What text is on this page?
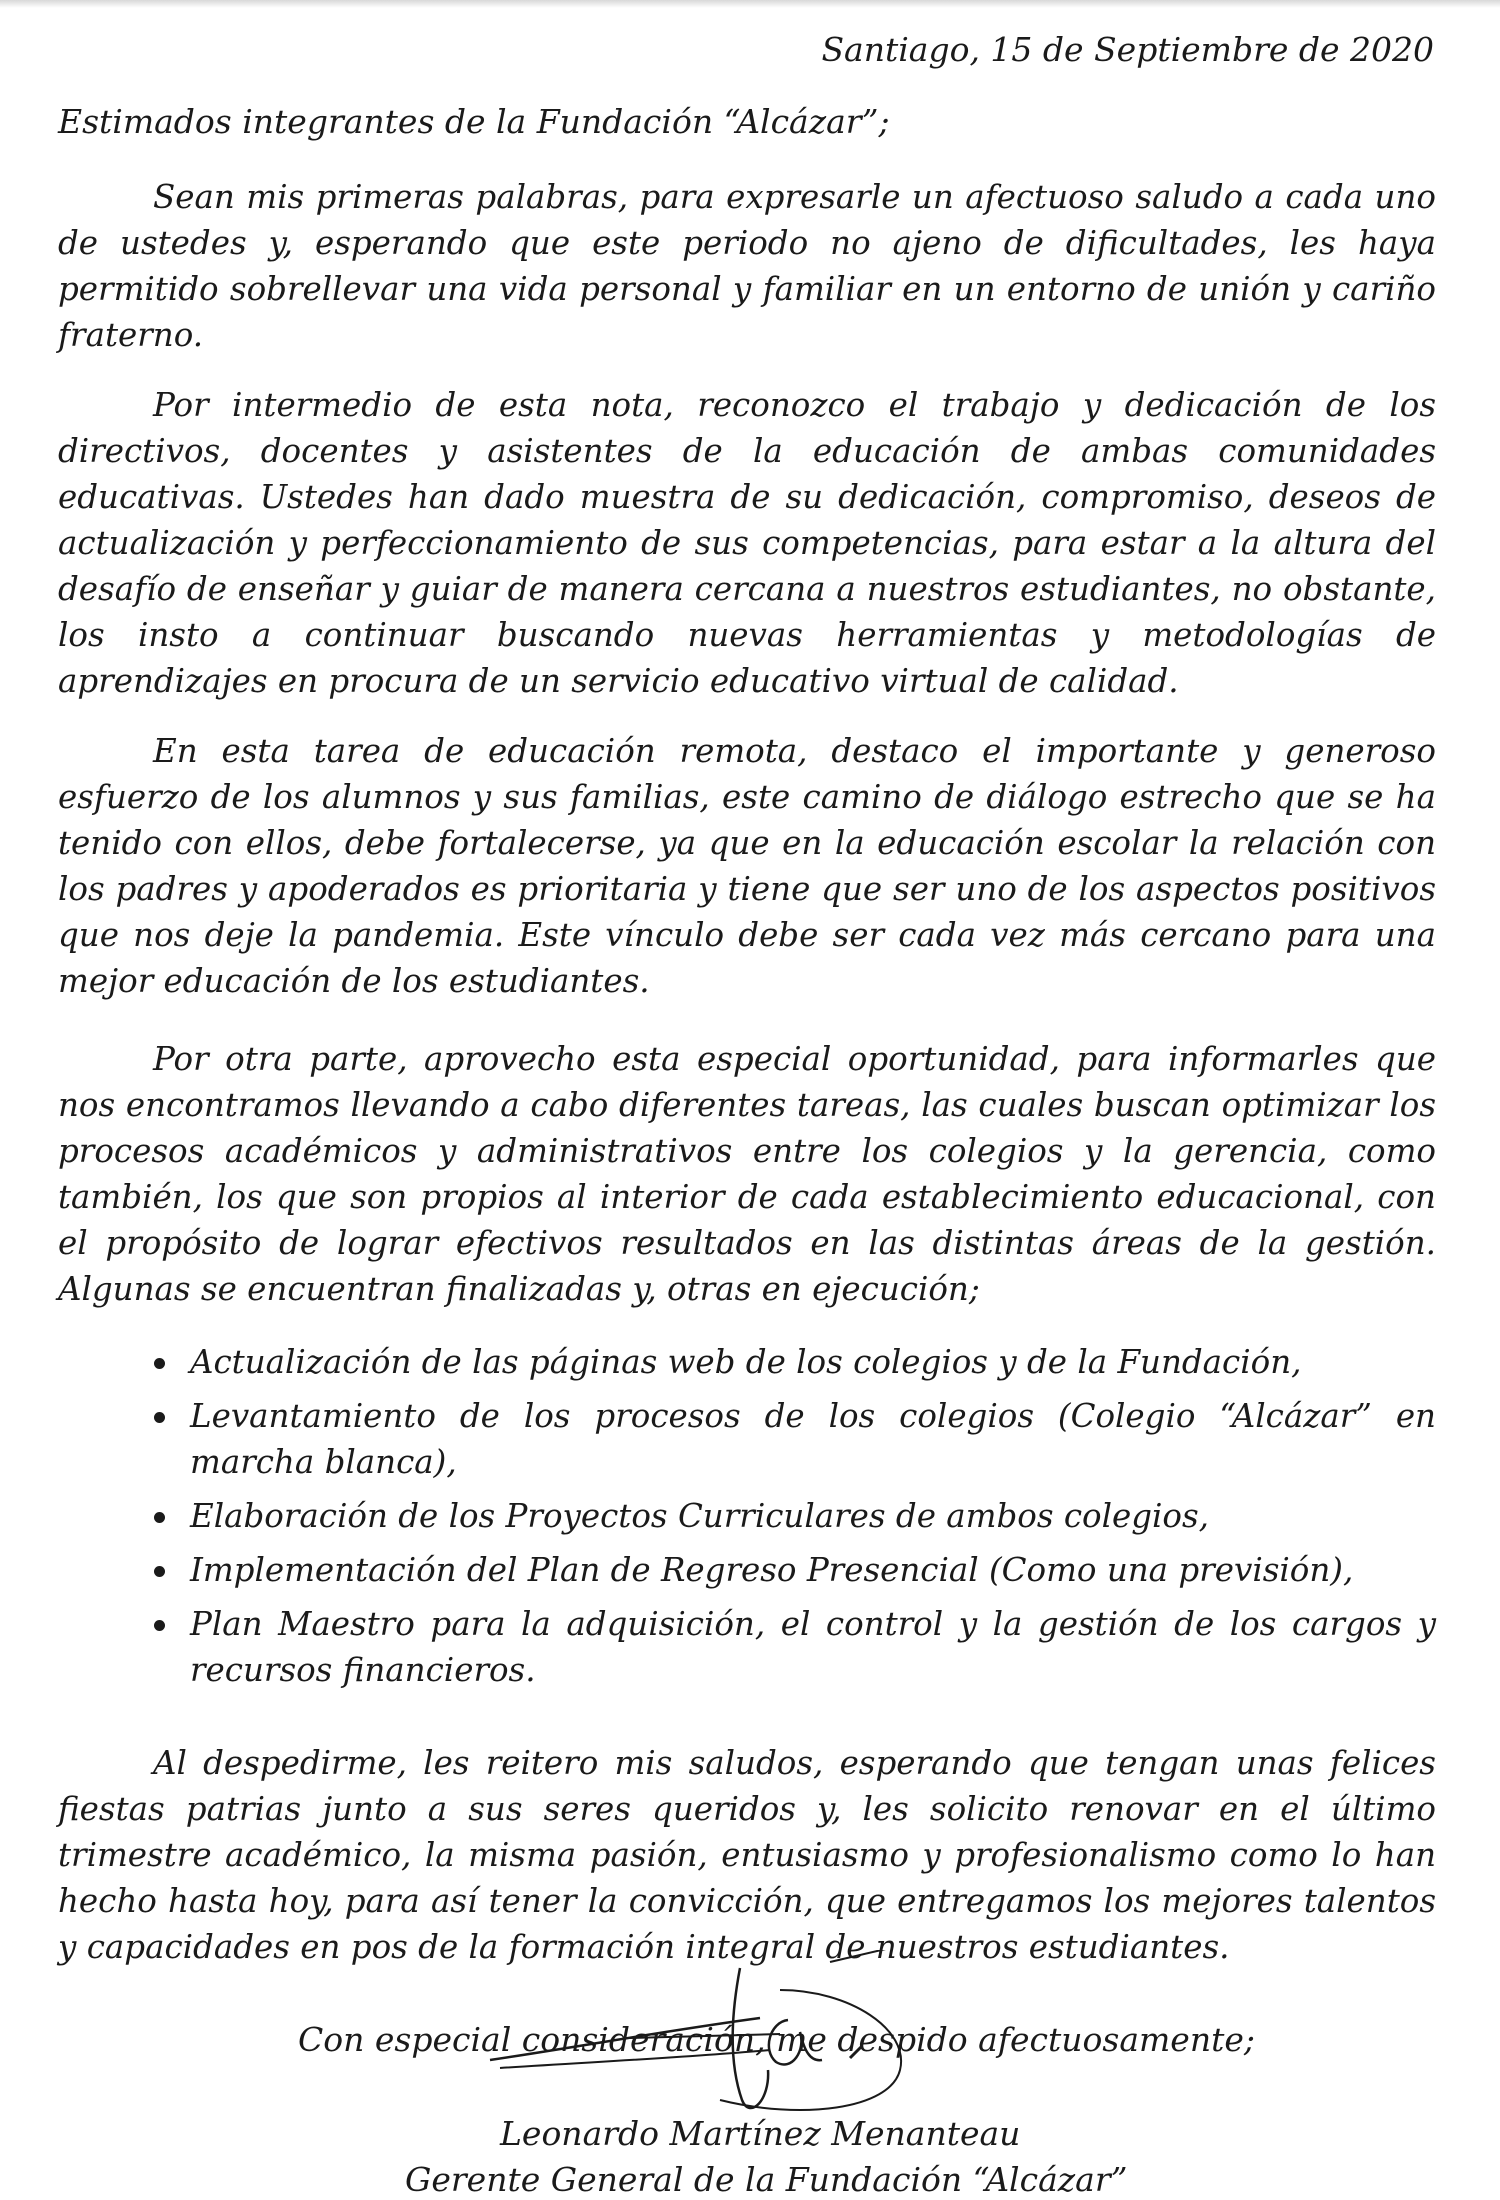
Santiago, 15 de Septiembre de 2020
Estimados integrantes de la Fundación “Alcázar”;

Sean mis primeras palabras, para expresarle un afectuoso saludo a cada uno de ustedes y, esperando que este periodo no ajeno de dificultades, les haya permitido sobrellevar una vida personal y familiar en un entorno de unión y cariño fraterno.

Por intermedio de esta nota, reconozco el trabajo y dedicación de los directivos, docentes y asistentes de la educación de ambas comunidades educativas. Ustedes han dado muestra de su dedicación, compromiso, deseos de actualización y perfeccionamiento de sus competencias, para estar a la altura del desafío de enseñar y guiar de manera cercana a nuestros estudiantes, no obstante, los insto a continuar buscando nuevas herramientas y metodologías de aprendizajes en procura de un servicio educativo virtual de calidad.

En esta tarea de educación remota, destaco el importante y generoso esfuerzo de los alumnos y sus familias, este camino de diálogo estrecho que se ha tenido con ellos, debe fortalecerse, ya que en la educación escolar la relación con los padres y apoderados es prioritaria y tiene que ser uno de los aspectos positivos que nos deje la pandemia. Este vínculo debe ser cada vez más cercano para una mejor educación de los estudiantes.

Por otra parte, aprovecho esta especial oportunidad, para informarles que nos encontramos llevando a cabo diferentes tareas, las cuales buscan optimizar los procesos académicos y administrativos entre los colegios y la gerencia, como también, los que son propios al interior de cada establecimiento educacional, con el propósito de lograr efectivos resultados en las distintas áreas de la gestión. Algunas se encuentran finalizadas y, otras en ejecución;

Actualización de las páginas web de los colegios y de la Fundación,
Levantamiento de los procesos de los colegios (Colegio “Alcázar” en marcha blanca),
Elaboración de los Proyectos Curriculares de ambos colegios,
Implementación del Plan de Regreso Presencial (Como una previsión),
Plan Maestro para la adquisición, el control y la gestión de los cargos y recursos financieros.

Al despedirme, les reitero mis saludos, esperando que tengan unas felices fiestas patrias junto a sus seres queridos y, les solicito renovar en el último trimestre académico, la misma pasión, entusiasmo y profesionalismo como lo han hecho hasta hoy, para así tener la convicción, que entregamos los mejores talentos y capacidades en pos de la formación integral de nuestros estudiantes.

Con especial consideración, me despido afectuosamente;
Leonardo Martínez Menanteau
Gerente General de la Fundación “Alcázar”
